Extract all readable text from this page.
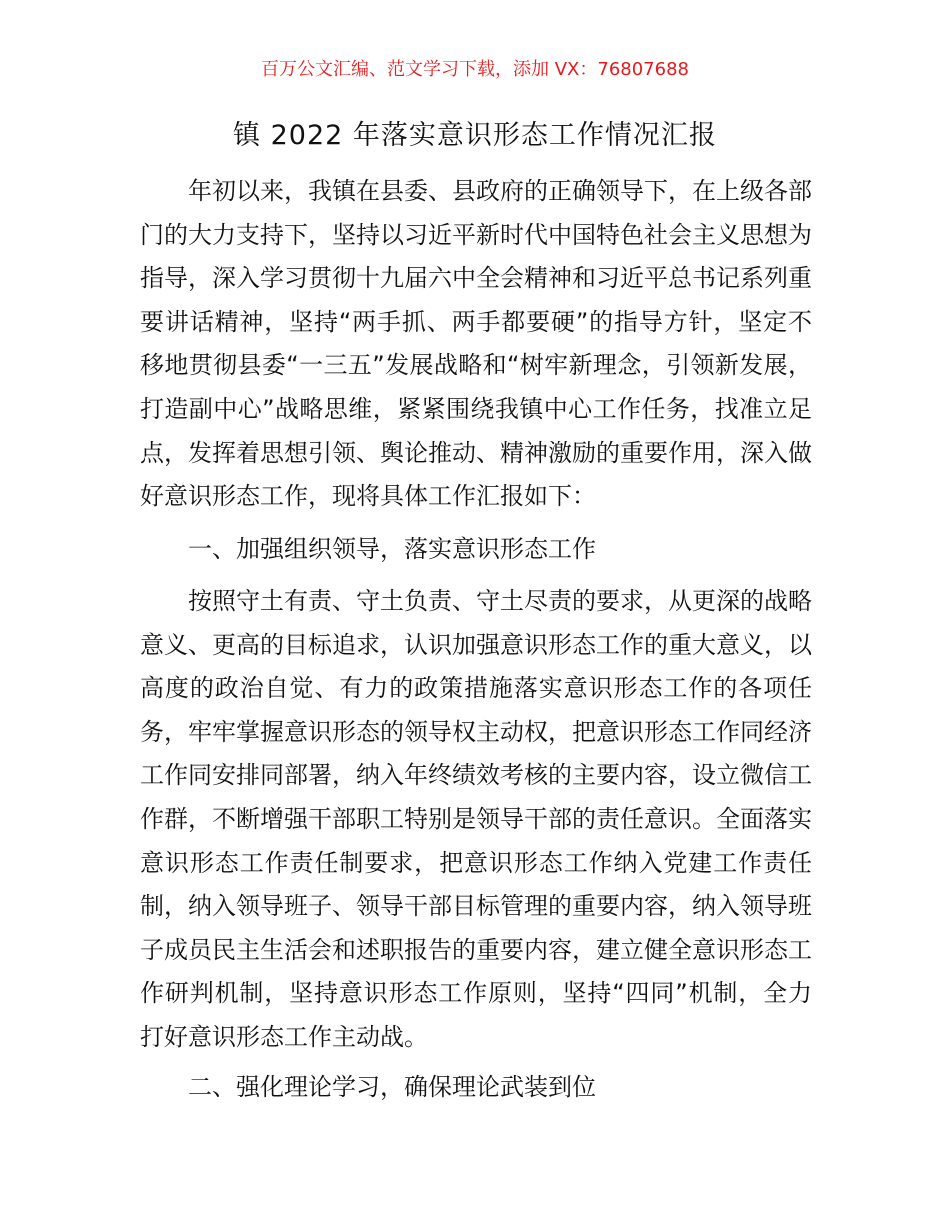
百万公文汇编、范文学习下载，添加 VX：76807688
镇 2022 年落实意识形态工作情况汇报

年初以来，我镇在县委、县政府的正确领导下，在上级各部门的大力支持下，坚持以习近平新时代中国特色社会主义思想为指导，深入学习贯彻十九届六中全会精神和习近平总书记系列重要讲话精神，坚持“两手抓、两手都要硬”的指导方针，坚定不移地贯彻县委“一三五”发展战略和“树牢新理念，引领新发展，打造副中心”战略思维，紧紧围绕我镇中心工作任务，找准立足点，发挥着思想引领、舆论推动、精神激励的重要作用，深入做好意识形态工作，现将具体工作汇报如下：

一、加强组织领导，落实意识形态工作

按照守土有责、守土负责、守土尽责的要求，从更深的战略意义、更高的目标追求，认识加强意识形态工作的重大意义，以高度的政治自觉、有力的政策措施落实意识形态工作的各项任务，牢牢掌握意识形态的领导权主动权，把意识形态工作同经济工作同安排同部署，纳入年终绩效考核的主要内容，设立微信工作群，不断增强干部职工特别是领导干部的责任意识。全面落实意识形态工作责任制要求，把意识形态工作纳入党建工作责任制，纳入领导班子、领导干部目标管理的重要内容，纳入领导班子成员民主生活会和述职报告的重要内容，建立健全意识形态工作研判机制，坚持意识形态工作原则，坚持“四同”机制，全力打好意识形态工作主动战。

二、强化理论学习，确保理论武装到位
